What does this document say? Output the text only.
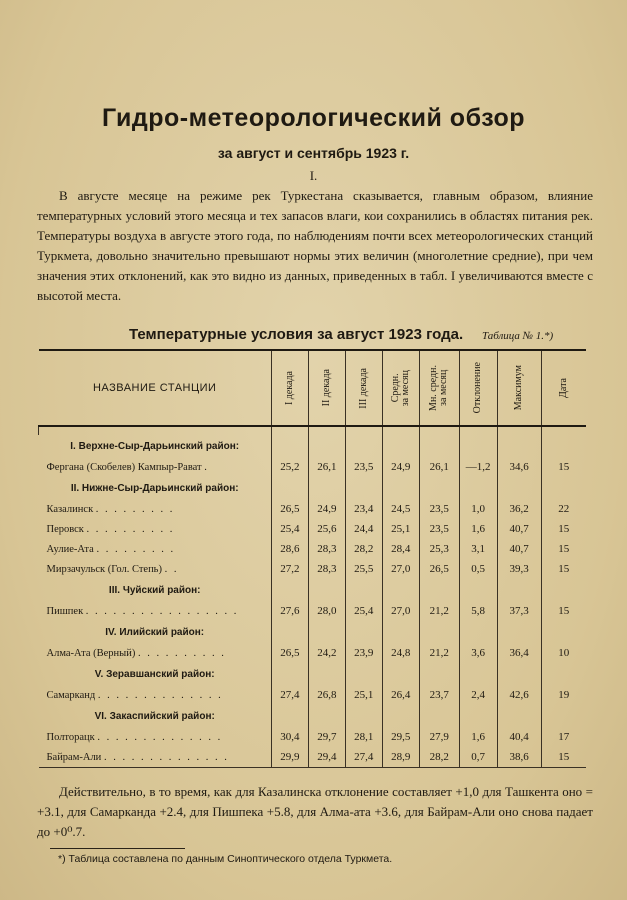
Гидро-метеорологический обзор
за август и сентябрь 1923 г.
I.
В августе месяце на режиме рек Туркестана сказывается, главным образом, влияние температурных условий этого месяца и тех запасов влаги, кои сохранились в областях питания рек. Температуры воздуха в августе этого года, по наблюдениям почти всех метеорологических станций Туркмета, довольно значительно превышают нормы этих величин (многолетние средние), при чем значения этих отклонений, как это видно из данных, приведенных в табл. I увеличиваются вместе с высотой места.
Температурные условия за август 1923 года. Таблица № 1.*)
НАЗВАНИЕ СТАНЦИИ	I декада	II декада	III декада	Средн.
за месяц	Мн. средн.
за месяц	Отклонение	Максимум	Дата

I. Верхне-Сыр-Дарьинский район:								
Фергана (Скобелев) Кампыр-Рават .	25,2	26,1	23,5	24,9	26,1	—1,2	34,6	15
II. Нижне-Сыр-Дарьинский район:								
Казалинск . . . . . . . . .	26,5	24,9	23,4	24,5	23,5	1,0	36,2	22
Перовск . . . . . . . . . .	25,4	25,6	24,4	25,1	23,5	1,6	40,7	15
Аулие-Ата . . . . . . . . .	28,6	28,3	28,2	28,4	25,3	3,1	40,7	15
Мирзачульск (Гол. Степь) . .	27,2	28,3	25,5	27,0	26,5	0,5	39,3	15
III. Чуйский район:								
Пишпек . . . . . . . . . . . . . . . . .	27,6	28,0	25,4	27,0	21,2	5,8	37,3	15
IV. Илийский район:								
Алма-Ата (Верный) . . . . . . . . . .	26,5	24,2	23,9	24,8	21,2	3,6	36,4	10
V. Зеравшанский район:								
Самарканд . . . . . . . . . . . . . .	27,4	26,8	25,1	26,4	23,7	2,4	42,6	19
VI. Закаспийский район:								
Полторацк . . . . . . . . . . . . . .	30,4	29,7	28,1	29,5	27,9	1,6	40,4	17
Байрам-Али . . . . . . . . . . . . . .	29,9	29,4	27,4	28,9	28,2	0,7	38,6	15
Действительно, в то время, как для Казалинска отклонение составляет +1,0 для Ташкента оно = +3.1, для Самарканда +2.4, для Пишпека +5.8, для Алма-ата +3.6, для Байрам-Али оно снова падает до +0⁰.7.
*) Таблица составлена по данным Синоптического отдела Туркмета.
